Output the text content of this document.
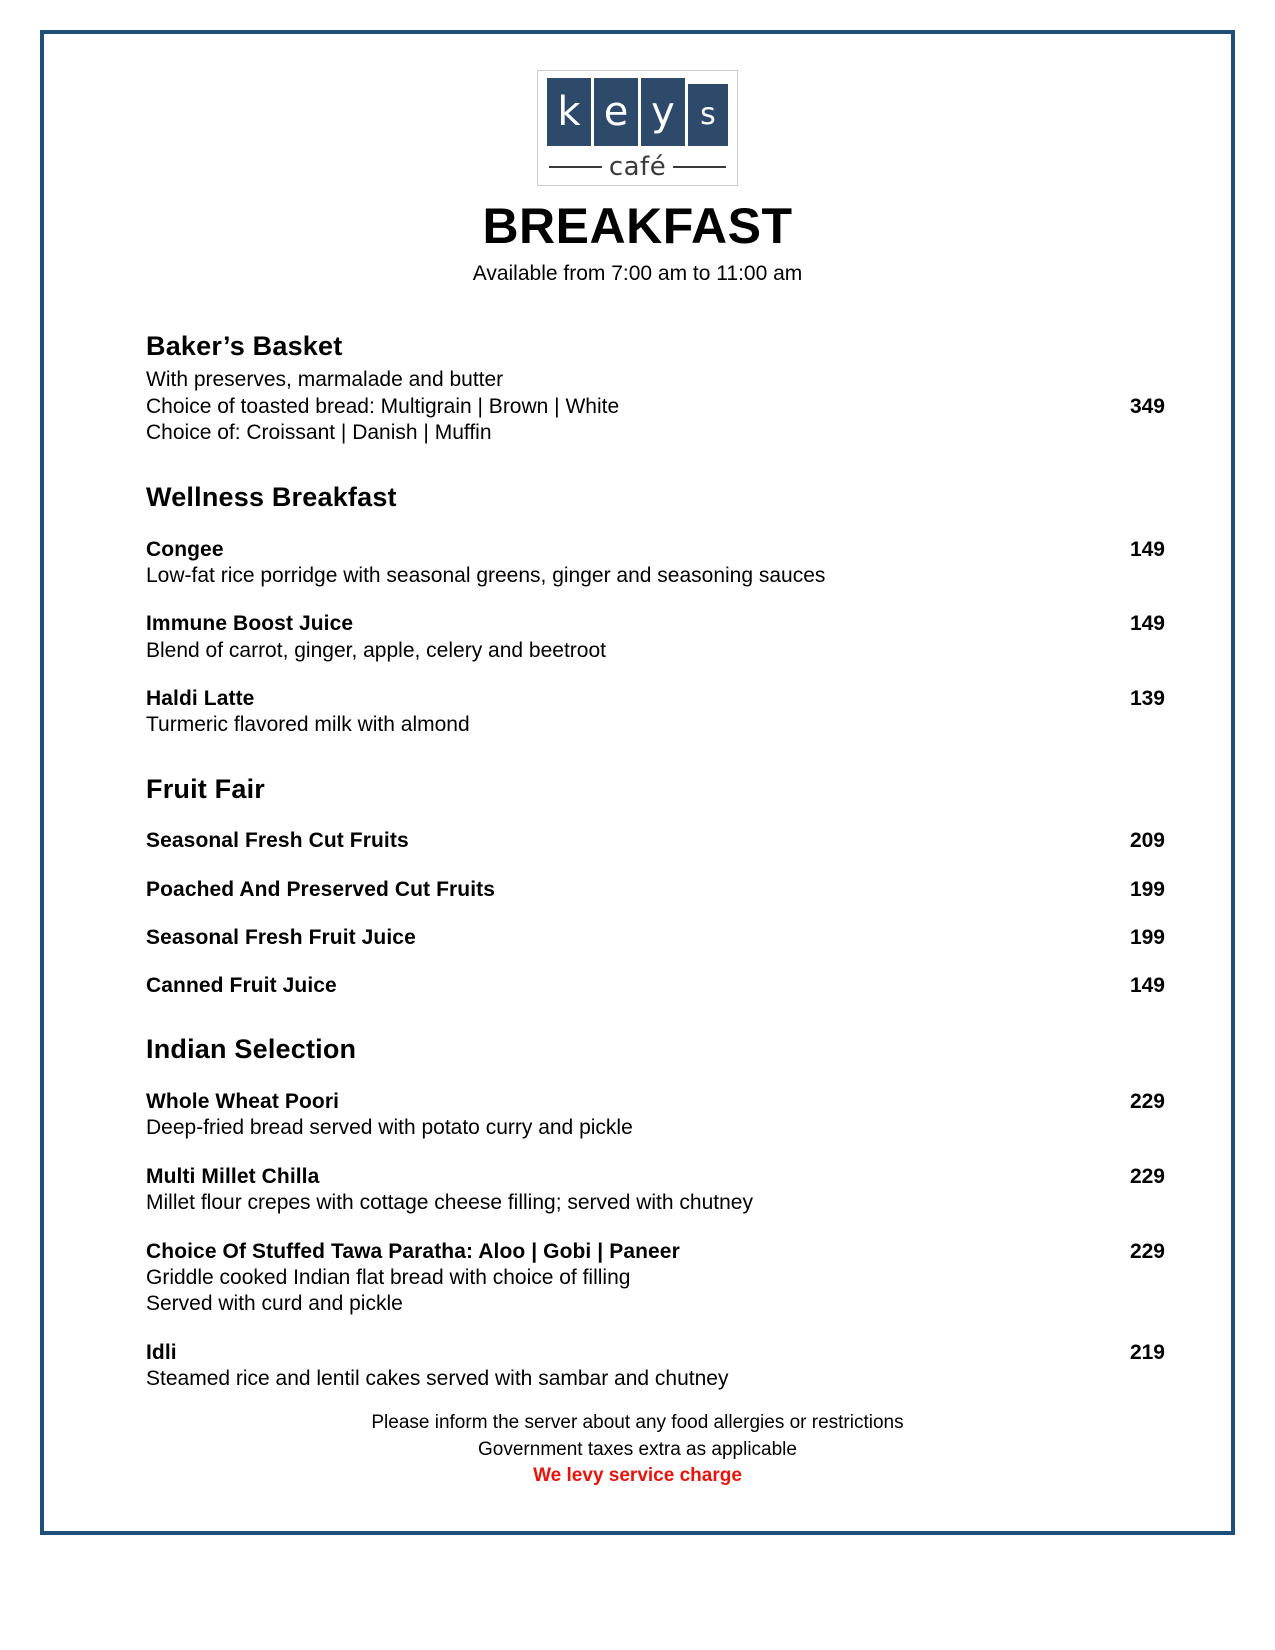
k e y s
café
BREAKFAST
Available from 7:00 am to 11:00 am
Baker’s Basket
With preserves, marmalade and butter
Choice of toasted bread: Multigrain | Brown | White	349
Choice of: Croissant | Danish | Muffin
Wellness Breakfast
Congee	149
Low-fat rice porridge with seasonal greens, ginger and seasoning sauces
Immune Boost Juice	149
Blend of carrot, ginger, apple, celery and beetroot
Haldi Latte	139
Turmeric flavored milk with almond
Fruit Fair
Seasonal Fresh Cut Fruits	209
Poached And Preserved Cut Fruits	199
Seasonal Fresh Fruit Juice	199
Canned Fruit Juice	149
Indian Selection
Whole Wheat Poori	229
Deep-fried bread served with potato curry and pickle
Multi Millet Chilla	229
Millet flour crepes with cottage cheese filling; served with chutney
Choice Of Stuffed Tawa Paratha: Aloo | Gobi | Paneer	229
Griddle cooked Indian flat bread with choice of filling
Served with curd and pickle
Idli	219
Steamed rice and lentil cakes served with sambar and chutney
Please inform the server about any food allergies or restrictions
Government taxes extra as applicable
We levy service charge
